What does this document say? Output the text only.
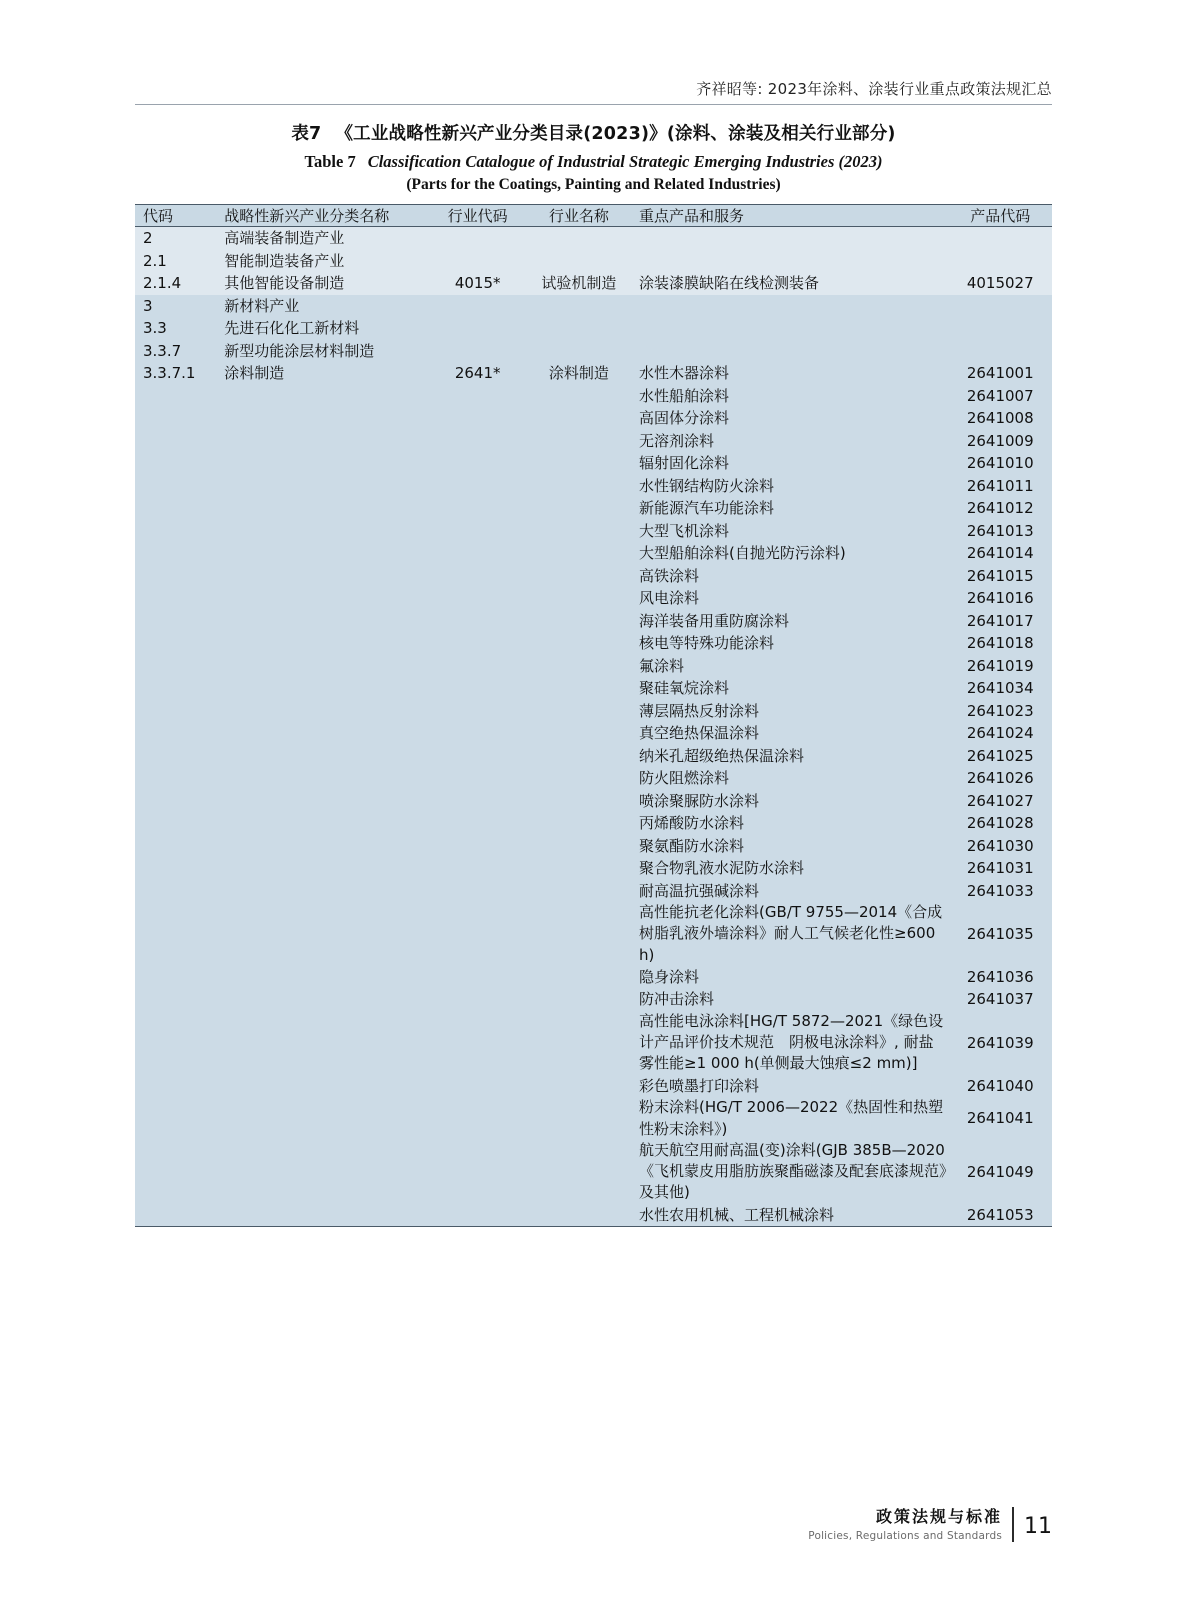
齐祥昭等: 2023年涂料、涂装行业重点政策法规汇总
表7 《工业战略性新兴产业分类目录(2023)》(涂料、涂装及相关行业部分)
Table 7 Classification Catalogue of Industrial Strategic Emerging Industries (2023)
(Parts for the Coatings, Painting and Related Industries)
代码	战略性新兴产业分类名称	行业代码	行业名称	重点产品和服务	产品代码
2	高端装备制造产业				
2.1	智能制造装备产业				
2.1.4	其他智能设备制造	4015*	试验机制造	涂装漆膜缺陷在线检测装备	4015027
3	新材料产业				
3.3	先进石化化工新材料				
3.3.7	新型功能涂层材料制造				
3.3.7.1	涂料制造	2641*	涂料制造	水性木器涂料	2641001
				水性船舶涂料	2641007
				高固体分涂料	2641008
				无溶剂涂料	2641009
				辐射固化涂料	2641010
				水性钢结构防火涂料	2641011
				新能源汽车功能涂料	2641012
				大型飞机涂料	2641013
				大型船舶涂料(自抛光防污涂料)	2641014
				高铁涂料	2641015
				风电涂料	2641016
				海洋装备用重防腐涂料	2641017
				核电等特殊功能涂料	2641018
				氟涂料	2641019
				聚硅氧烷涂料	2641034
				薄层隔热反射涂料	2641023
				真空绝热保温涂料	2641024
				纳米孔超级绝热保温涂料	2641025
				防火阻燃涂料	2641026
				喷涂聚脲防水涂料	2641027
				丙烯酸防水涂料	2641028
				聚氨酯防水涂料	2641030
				聚合物乳液水泥防水涂料	2641031
				耐高温抗强碱涂料	2641033
				高性能抗老化涂料(GB/T 9755—2014《合成树脂乳液外墙涂料》耐人工气候老化性≥600 h)	2641035
				隐身涂料	2641036
				防冲击涂料	2641037
				高性能电泳涂料[HG/T 5872—2021《绿色设计产品评价技术规范　阴极电泳涂料》, 耐盐雾性能≥1 000 h(单侧最大蚀痕≤2 mm)]	2641039
				彩色喷墨打印涂料	2641040
				粉末涂料(HG/T 2006—2022《热固性和热塑性粉末涂料》)	2641041
				航天航空用耐高温(变)涂料(GJB 385B—2020《飞机蒙皮用脂肪族聚酯磁漆及配套底漆规范》及其他)	2641049
				水性农用机械、工程机械涂料	2641053
政策法规与标准
Policies, Regulations and Standards	11
